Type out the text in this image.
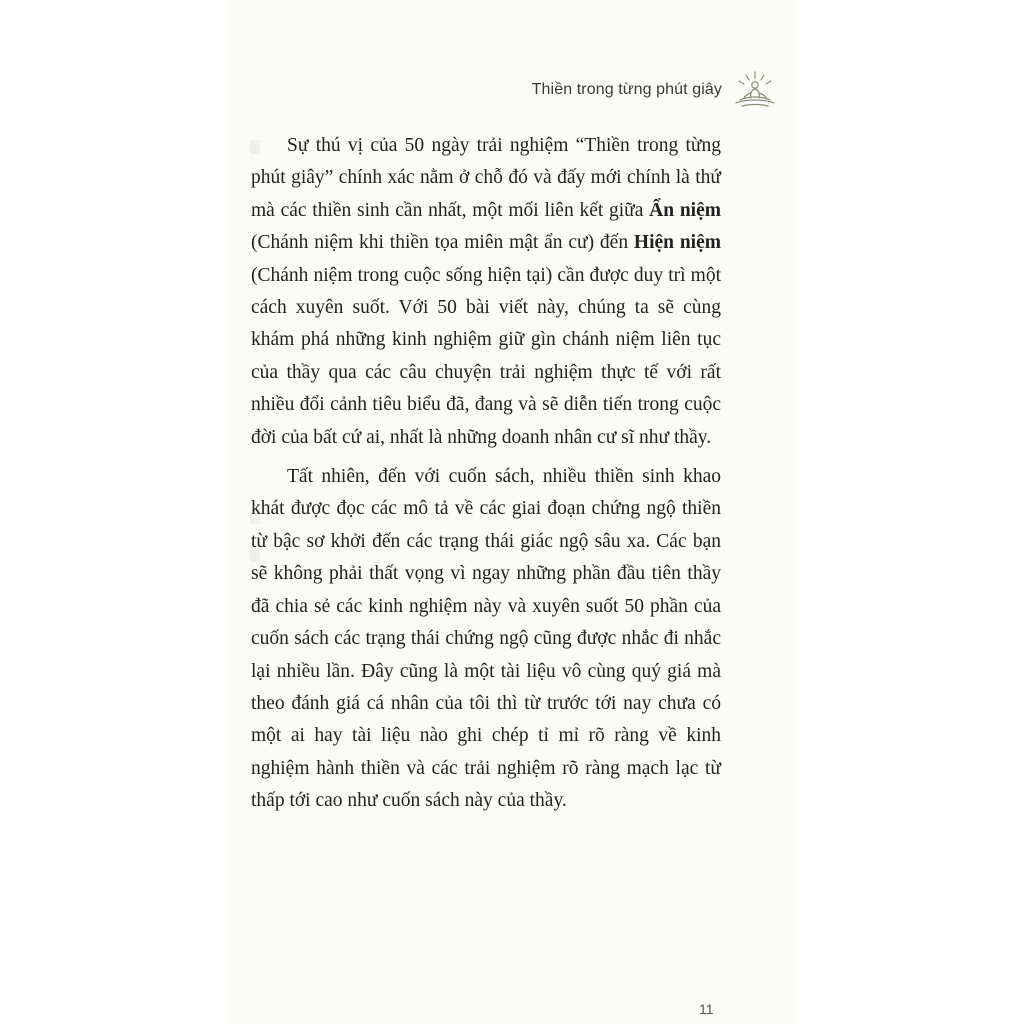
Thiền trong từng phút giây

Sự thú vị của 50 ngày trải nghiệm “Thiền trong từng phút giây” chính xác nằm ở chỗ đó và đấy mới chính là thứ mà các thiền sinh cần nhất, một mối liên kết giữa Ẩn niệm (Chánh niệm khi thiền tọa miên mật ẩn cư) đến Hiện niệm (Chánh niệm trong cuộc sống hiện tại) cần được duy trì một cách xuyên suốt. Với 50 bài viết này, chúng ta sẽ cùng khám phá những kinh nghiệm giữ gìn chánh niệm liên tục của thầy qua các câu chuyện trải nghiệm thực tế với rất nhiều đổi cảnh tiêu biểu đã, đang và sẽ diễn tiến trong cuộc đời của bất cứ ai, nhất là những doanh nhân cư sĩ như thầy.

Tất nhiên, đến với cuốn sách, nhiều thiền sinh khao khát được đọc các mô tả về các giai đoạn chứng ngộ thiền từ bậc sơ khởi đến các trạng thái giác ngộ sâu xa. Các bạn sẽ không phải thất vọng vì ngay những phần đầu tiên thầy đã chia sẻ các kinh nghiệm này và xuyên suốt 50 phần của cuốn sách các trạng thái chứng ngộ cũng được nhắc đi nhắc lại nhiều lần. Đây cũng là một tài liệu vô cùng quý giá mà theo đánh giá cá nhân của tôi thì từ trước tới nay chưa có một ai hay tài liệu nào ghi chép tỉ mỉ rõ ràng về kinh nghiệm hành thiền và các trải nghiệm rõ ràng mạch lạc từ thấp tới cao như cuốn sách này của thầy.

11
